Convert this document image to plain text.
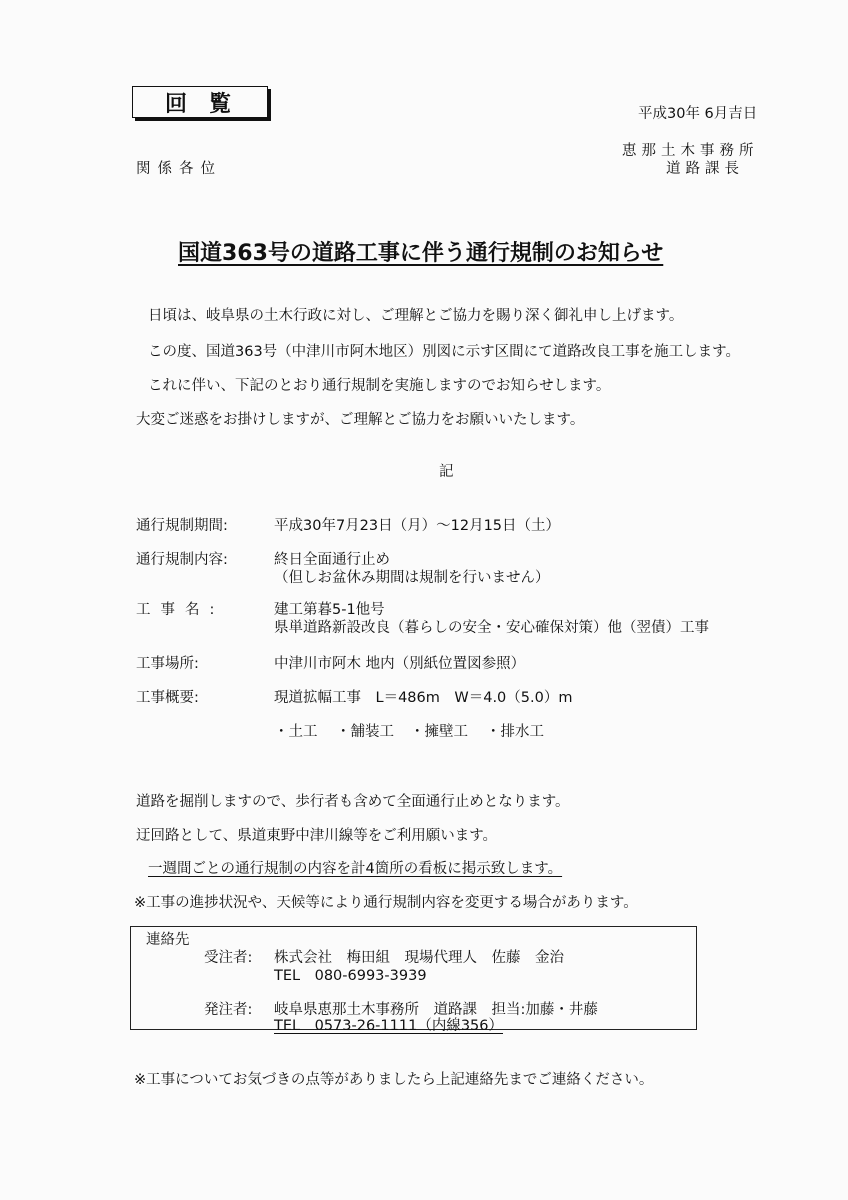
回覧	平成30年 6月吉日
関係各位
恵那土木事務所
道路課長
国道363号の道路工事に伴う通行規制のお知らせ
日頃は、岐阜県の土木行政に対し、ご理解とご協力を賜り深く御礼申し上げます。
この度、国道363号（中津川市阿木地区）別図に示す区間にて道路改良工事を施工します。
これに伴い、下記のとおり通行規制を実施しますのでお知らせします。
大変ご迷惑をお掛けしますが、ご理解とご協力をお願いいたします。
記
通行規制期間:	平成30年7月23日（月）～12月15日（土）
通行規制内容:	終日全面通行止め
（但しお盆休み期間は規制を行いません）
工事名:	建工第暮5-1他号
県単道路新設改良（暮らしの安全・安心確保対策）他（翌債）工事
工事場所:	中津川市阿木 地内（別紙位置図参照）
工事概要:	現道拡幅工事　L＝486m　W＝4.0（5.0）m
・土工 ・舗装工 ・擁壁工 ・排水工
道路を掘削しますので、歩行者も含めて全面通行止めとなります。
迂回路として、県道東野中津川線等をご利用願います。
一週間ごとの通行規制の内容を計4箇所の看板に掲示致します。
※工事の進捗状況や、天候等により通行規制内容を変更する場合があります。
連絡先
受注者: 株式会社　梅田組　現場代理人　佐藤　金治
TEL　080-6993-3939
発注者: 岐阜県恵那土木事務所　道路課　担当:加藤・井藤
TEL　0573-26-1111（内線356）
※工事についてお気づきの点等がありましたら上記連絡先までご連絡ください。
